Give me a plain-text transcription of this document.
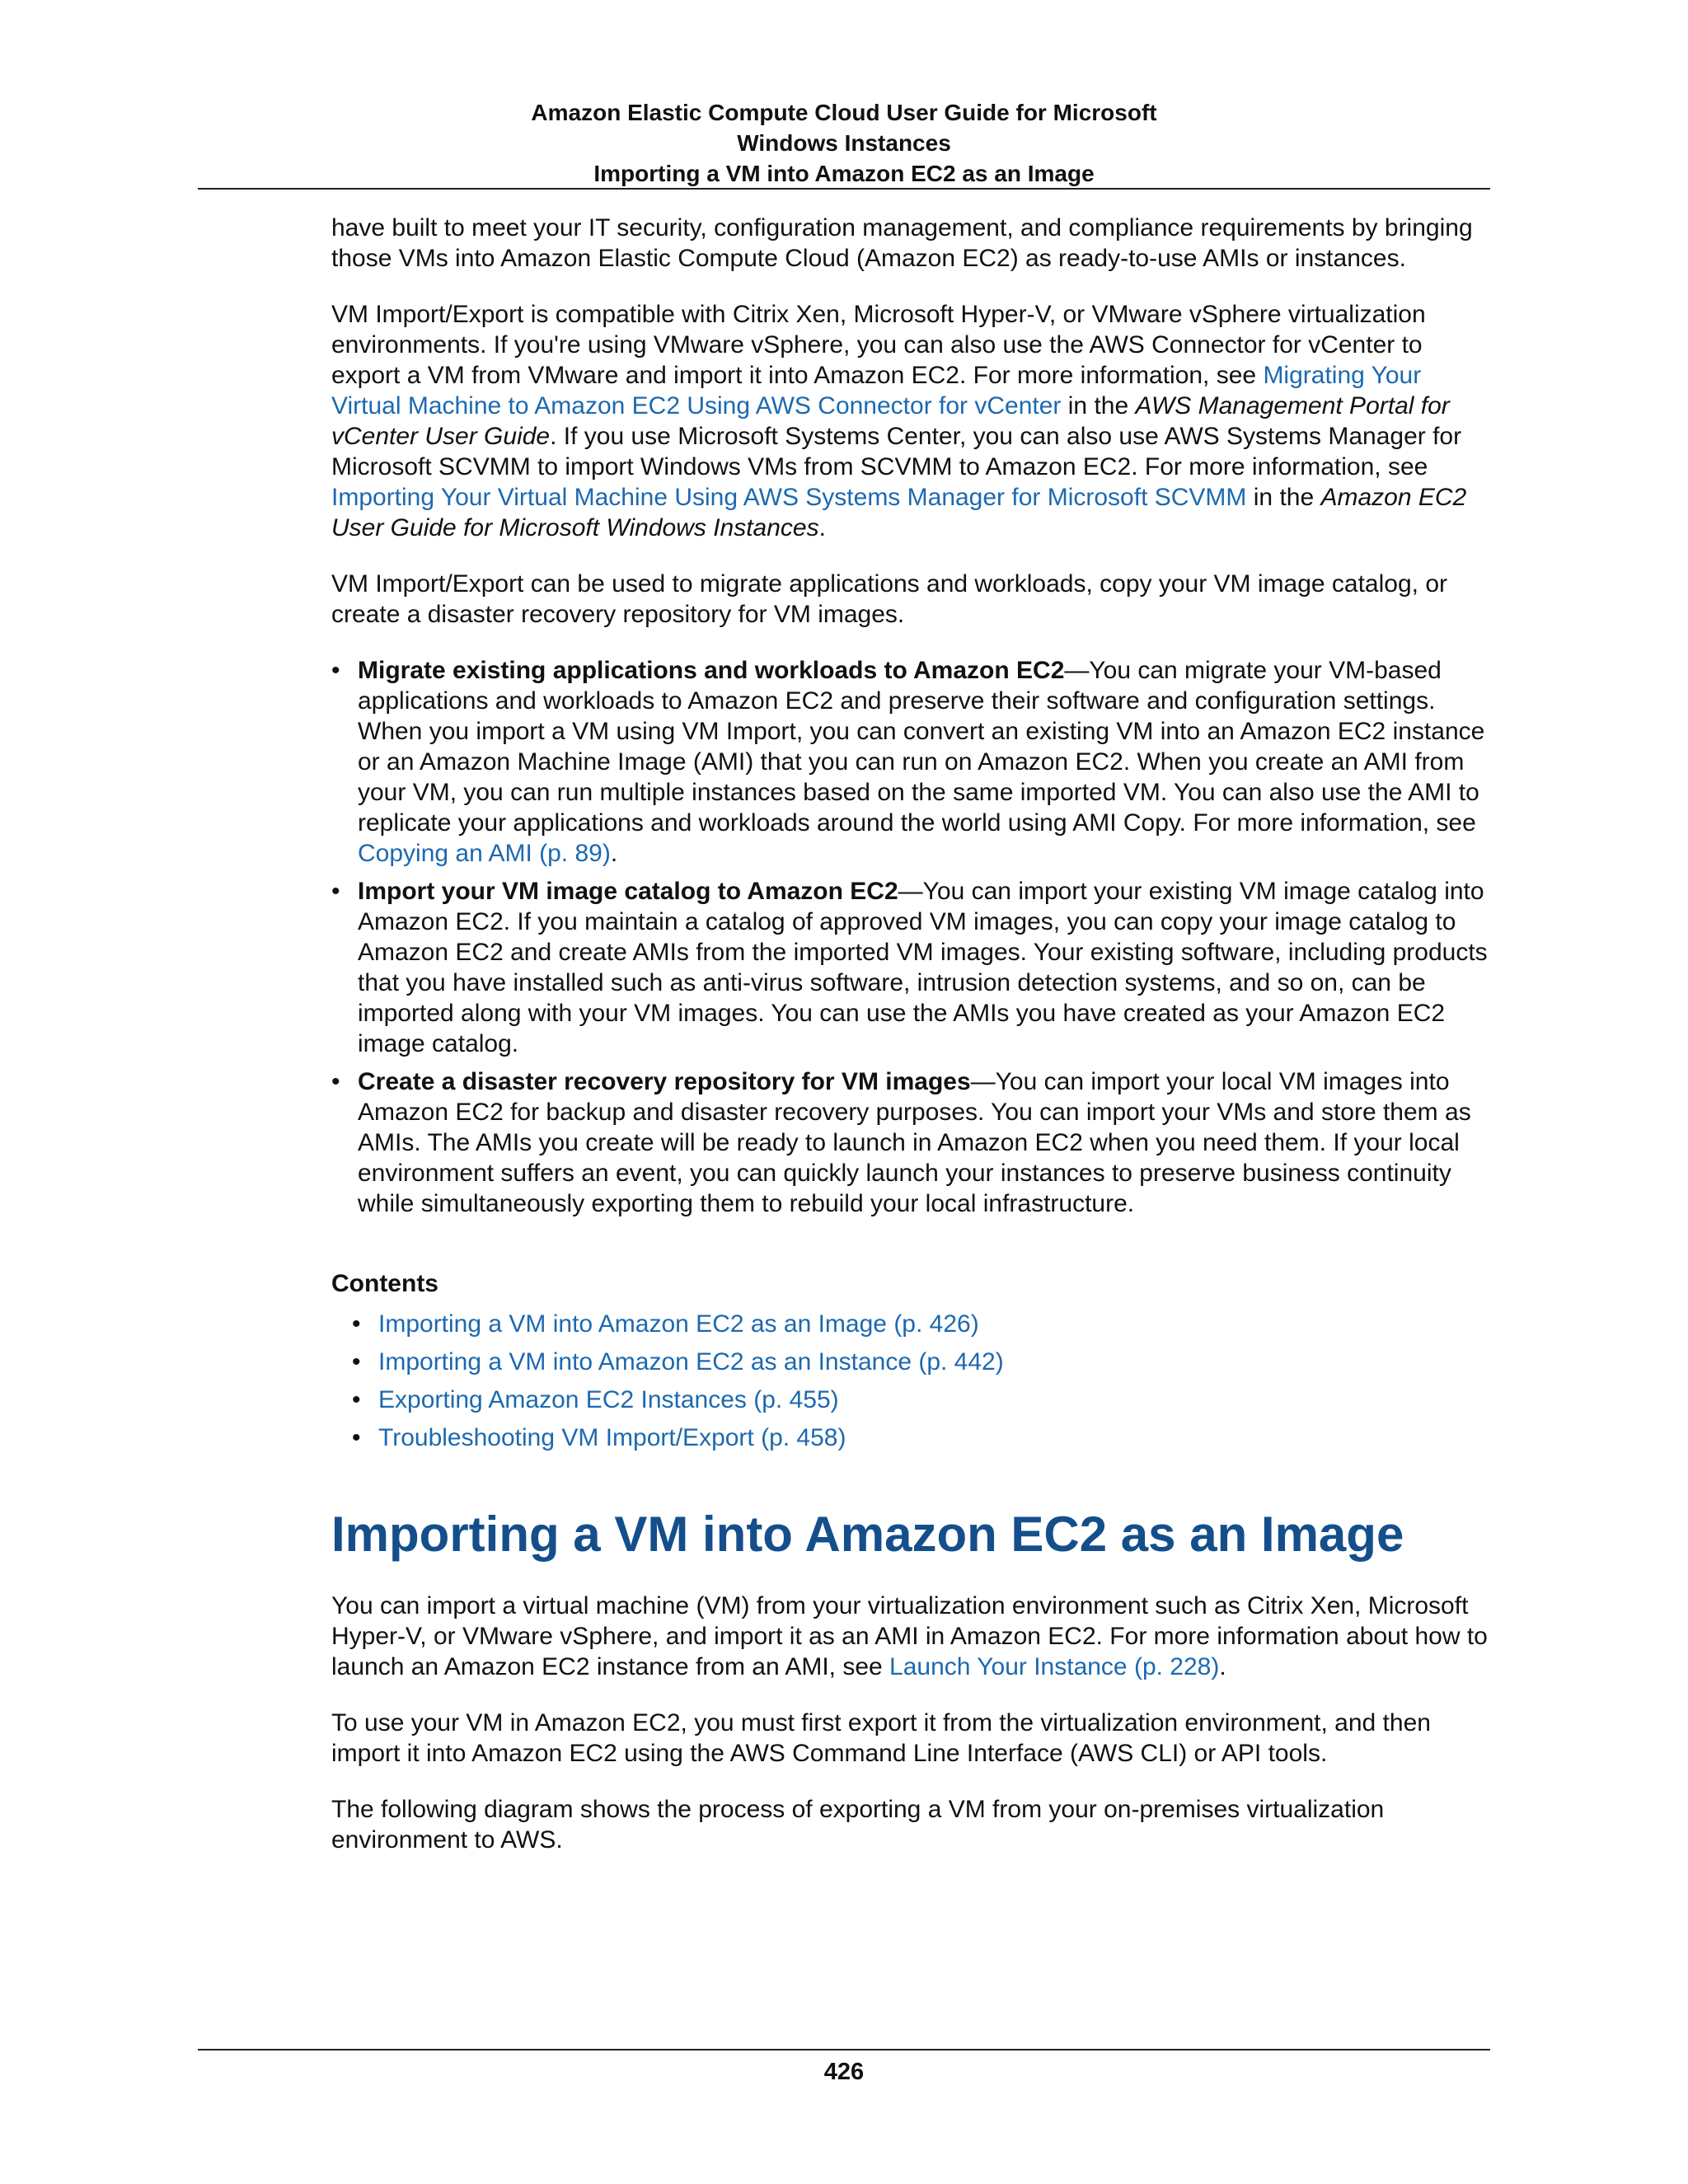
Amazon Elastic Compute Cloud User Guide for Microsoft
Windows Instances
Importing a VM into Amazon EC2 as an Image

have built to meet your IT security, configuration management, and compliance requirements by bringing those VMs into Amazon Elastic Compute Cloud (Amazon EC2) as ready-to-use AMIs or instances.

VM Import/Export is compatible with Citrix Xen, Microsoft Hyper-V, or VMware vSphere virtualization environments. If you're using VMware vSphere, you can also use the AWS Connector for vCenter to export a VM from VMware and import it into Amazon EC2. For more information, see Migrating Your Virtual Machine to Amazon EC2 Using AWS Connector for vCenter in the AWS Management Portal for vCenter User Guide. If you use Microsoft Systems Center, you can also use AWS Systems Manager for Microsoft SCVMM to import Windows VMs from SCVMM to Amazon EC2. For more information, see Importing Your Virtual Machine Using AWS Systems Manager for Microsoft SCVMM in the Amazon EC2 User Guide for Microsoft Windows Instances.

VM Import/Export can be used to migrate applications and workloads, copy your VM image catalog, or create a disaster recovery repository for VM images.

• Migrate existing applications and workloads to Amazon EC2—You can migrate your VM-based applications and workloads to Amazon EC2 and preserve their software and configuration settings. When you import a VM using VM Import, you can convert an existing VM into an Amazon EC2 instance or an Amazon Machine Image (AMI) that you can run on Amazon EC2. When you create an AMI from your VM, you can run multiple instances based on the same imported VM. You can also use the AMI to replicate your applications and workloads around the world using AMI Copy. For more information, see Copying an AMI (p. 89).
• Import your VM image catalog to Amazon EC2—You can import your existing VM image catalog into Amazon EC2. If you maintain a catalog of approved VM images, you can copy your image catalog to Amazon EC2 and create AMIs from the imported VM images. Your existing software, including products that you have installed such as anti-virus software, intrusion detection systems, and so on, can be imported along with your VM images. You can use the AMIs you have created as your Amazon EC2 image catalog.
• Create a disaster recovery repository for VM images—You can import your local VM images into Amazon EC2 for backup and disaster recovery purposes. You can import your VMs and store them as AMIs. The AMIs you create will be ready to launch in Amazon EC2 when you need them. If your local environment suffers an event, you can quickly launch your instances to preserve business continuity while simultaneously exporting them to rebuild your local infrastructure.
Contents
• Importing a VM into Amazon EC2 as an Image (p. 426)
• Importing a VM into Amazon EC2 as an Instance (p. 442)
• Exporting Amazon EC2 Instances (p. 455)
• Troubleshooting VM Import/Export (p. 458)
Importing a VM into Amazon EC2 as an Image

You can import a virtual machine (VM) from your virtualization environment such as Citrix Xen, Microsoft Hyper-V, or VMware vSphere, and import it as an AMI in Amazon EC2. For more information about how to launch an Amazon EC2 instance from an AMI, see Launch Your Instance (p. 228).

To use your VM in Amazon EC2, you must first export it from the virtualization environment, and then import it into Amazon EC2 using the AWS Command Line Interface (AWS CLI) or API tools.

The following diagram shows the process of exporting a VM from your on-premises virtualization environment to AWS.

426
